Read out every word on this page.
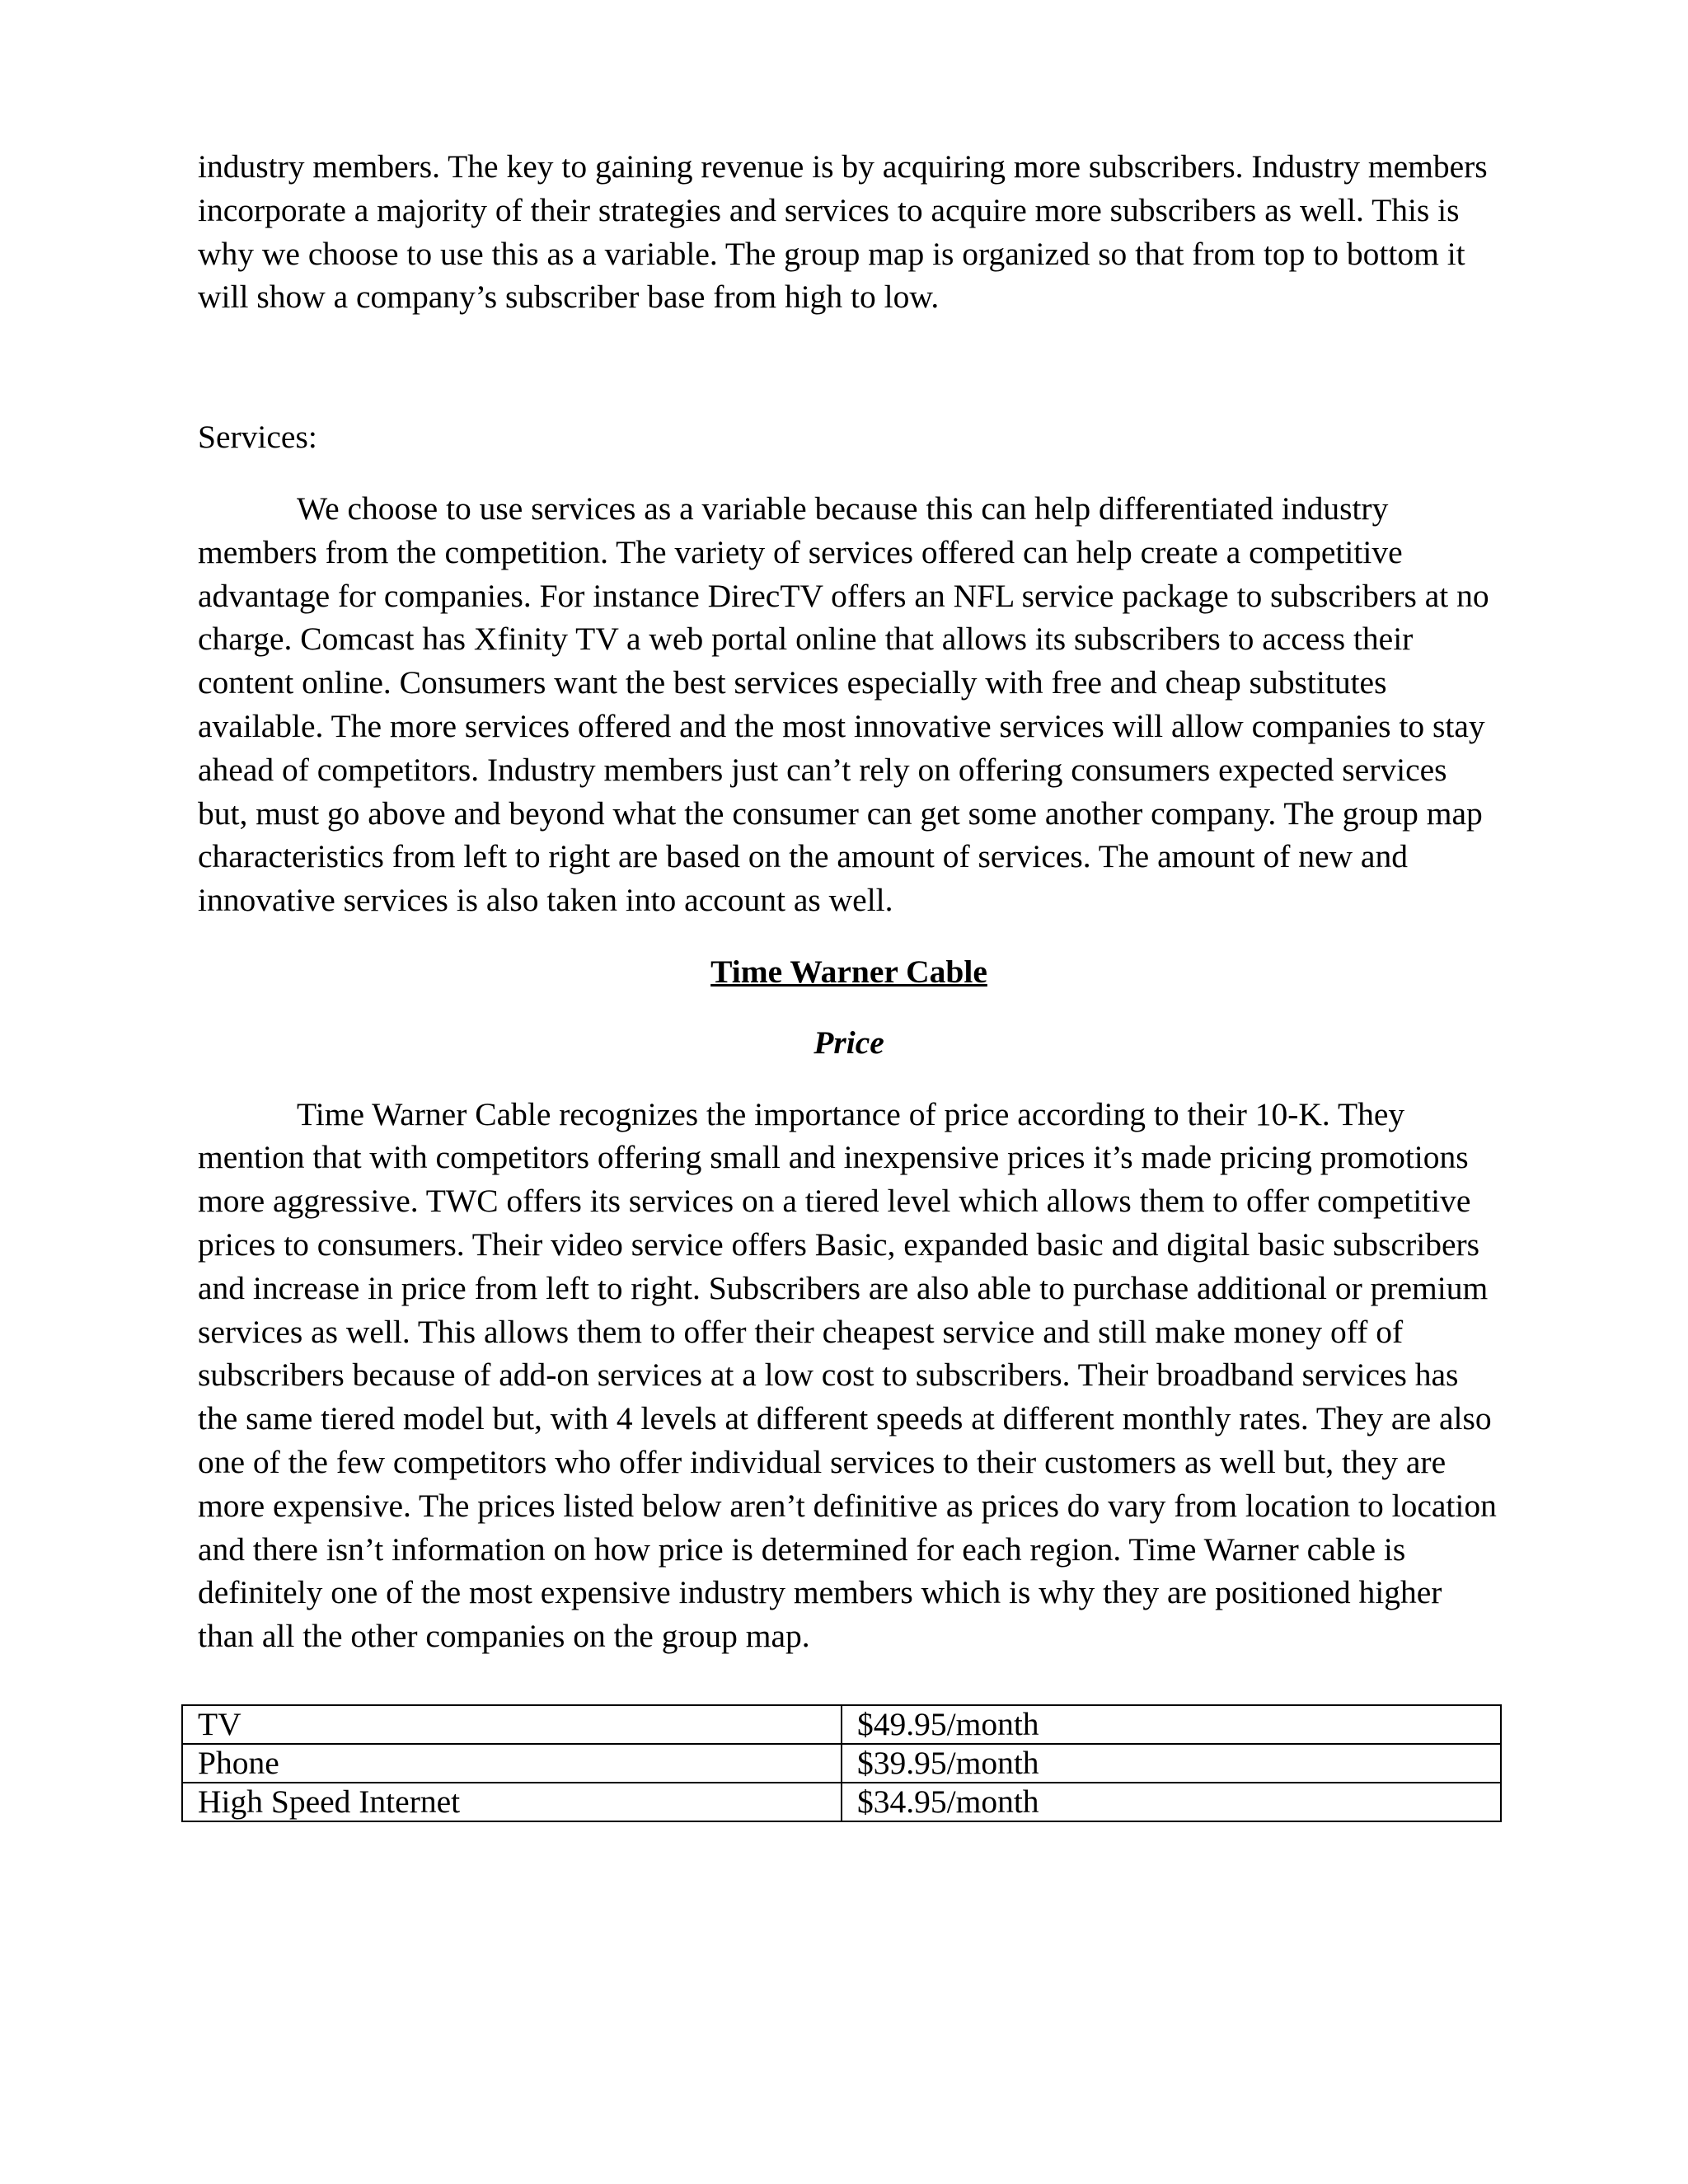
industry members. The key to gaining revenue is by acquiring more subscribers. Industry members incorporate a majority of their strategies and services to acquire more subscribers as well. This is why we choose to use this as a variable. The group map is organized so that from top to bottom it will show a company’s subscriber base from high to low.

Services:

We choose to use services as a variable because this can help differentiated industry members from the competition. The variety of services offered can help create a competitive advantage for companies. For instance DirecTV offers an NFL service package to subscribers at no charge. Comcast has Xfinity TV a web portal online that allows its subscribers to access their content online. Consumers want the best services especially with free and cheap substitutes available. The more services offered and the most innovative services will allow companies to stay ahead of competitors. Industry members just can’t rely on offering consumers expected services but, must go above and beyond what the consumer can get some another company. The group map characteristics from left to right are based on the amount of services. The amount of new and innovative services is also taken into account as well.

Time Warner Cable

Price

Time Warner Cable recognizes the importance of price according to their 10-K. They mention that with competitors offering small and inexpensive prices it’s made pricing promotions more aggressive. TWC offers its services on a tiered level which allows them to offer competitive prices to consumers. Their video service offers Basic, expanded basic and digital basic subscribers and increase in price from left to right. Subscribers are also able to purchase additional or premium services as well. This allows them to offer their cheapest service and still make money off of subscribers because of add-on services at a low cost to subscribers. Their broadband services has the same tiered model but, with 4 levels at different speeds at different monthly rates. They are also one of the few competitors who offer individual services to their customers as well but, they are more expensive. The prices listed below aren’t definitive as prices do vary from location to location and there isn’t information on how price is determined for each region. Time Warner cable is definitely one of the most expensive industry members which is why they are positioned higher than all the other companies on the group map.

TV	$49.95/month
Phone	$39.95/month
High Speed Internet	$34.95/month
